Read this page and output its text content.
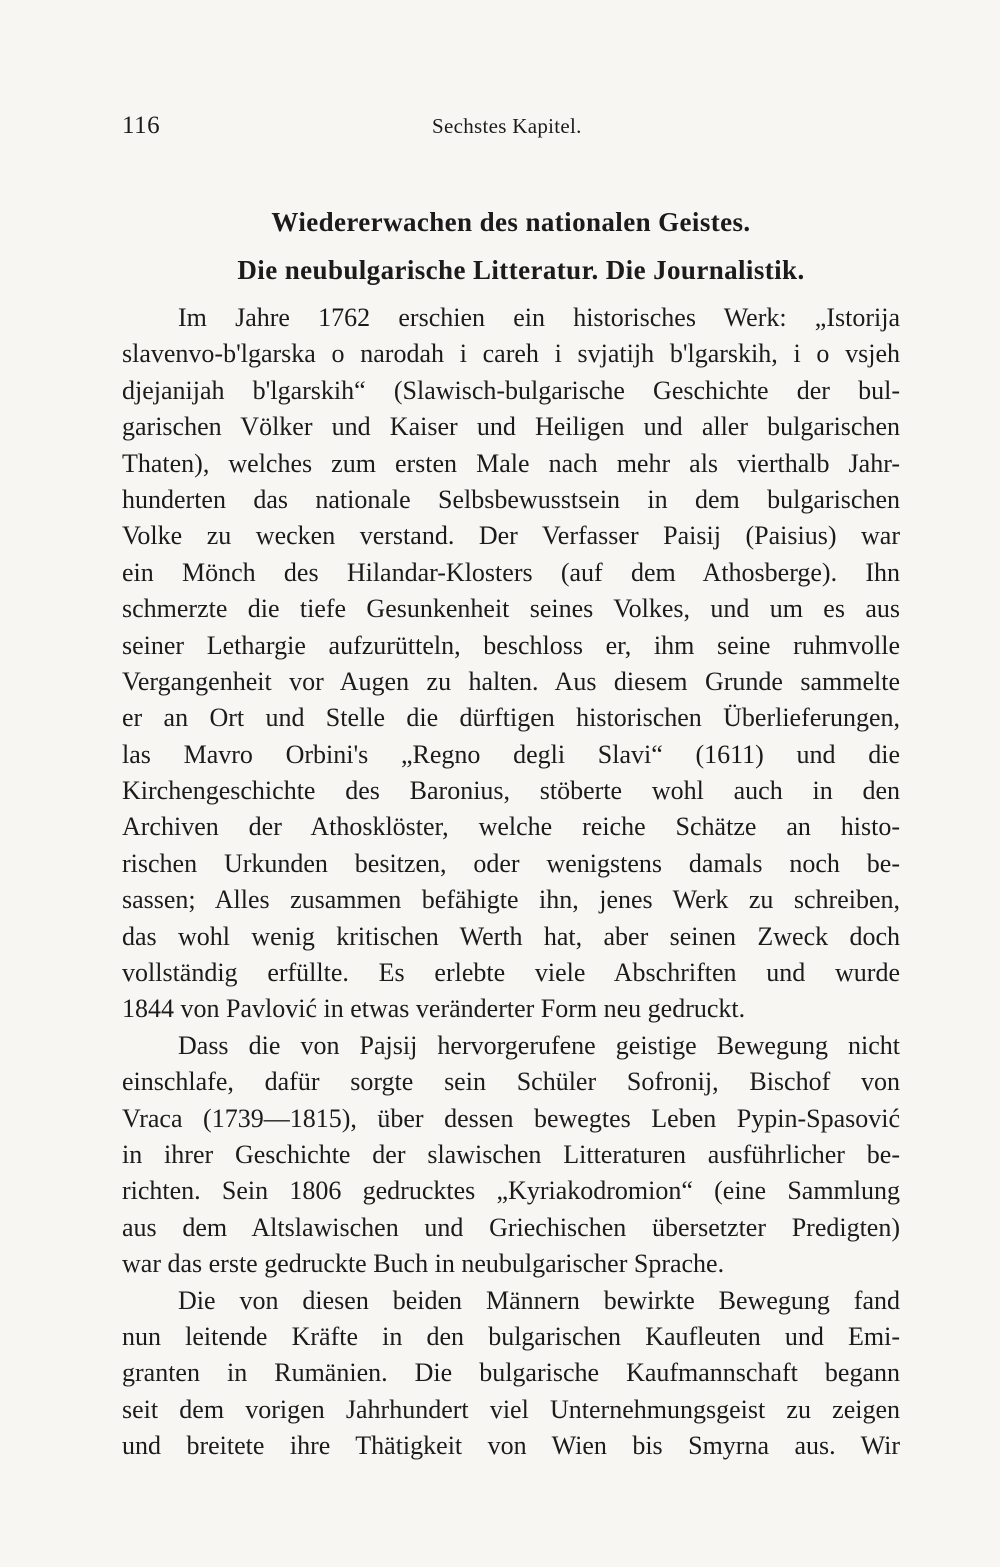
116	Sechstes Kapitel.
Wiedererwachen des nationalen Geistes.
Die neubulgarische Litteratur. Die Journalistik.
Im Jahre 1762 erschien ein historisches Werk: „Istorija
slavenvo-b'lgarska o narodah i careh i svjatijh b'lgarskih, i o vsjeh
djejanijah b'lgarskih“ (Slawisch-bulgarische Geschichte der bul-
garischen Völker und Kaiser und Heiligen und aller bulgarischen
Thaten), welches zum ersten Male nach mehr als vierthalb Jahr-
hunderten das nationale Selbsbewusstsein in dem bulgarischen
Volke zu wecken verstand. Der Verfasser Paisij (Paisius) war
ein Mönch des Hilandar-Klosters (auf dem Athosberge). Ihn
schmerzte die tiefe Gesunkenheit seines Volkes, und um es aus
seiner Lethargie aufzurütteln, beschloss er, ihm seine ruhmvolle
Vergangenheit vor Augen zu halten. Aus diesem Grunde sammelte
er an Ort und Stelle die dürftigen historischen Überlieferungen,
las Mavro Orbini's „Regno degli Slavi“ (1611) und die
Kirchengeschichte des Baronius, stöberte wohl auch in den
Archiven der Athosklöster, welche reiche Schätze an histo-
rischen Urkunden besitzen, oder wenigstens damals noch be-
sassen; Alles zusammen befähigte ihn, jenes Werk zu schreiben,
das wohl wenig kritischen Werth hat, aber seinen Zweck doch
vollständig erfüllte. Es erlebte viele Abschriften und wurde
1844 von Pavlović in etwas veränderter Form neu gedruckt.
Dass die von Pajsij hervorgerufene geistige Bewegung nicht
einschlafe, dafür sorgte sein Schüler Sofronij, Bischof von
Vraca (1739—1815), über dessen bewegtes Leben Pypin-Spasović
in ihrer Geschichte der slawischen Litteraturen ausführlicher be-
richten. Sein 1806 gedrucktes „Kyriakodromion“ (eine Sammlung
aus dem Altslawischen und Griechischen übersetzter Predigten)
war das erste gedruckte Buch in neubulgarischer Sprache.
Die von diesen beiden Männern bewirkte Bewegung fand
nun leitende Kräfte in den bulgarischen Kaufleuten und Emi-
granten in Rumänien. Die bulgarische Kaufmannschaft begann
seit dem vorigen Jahrhundert viel Unternehmungsgeist zu zeigen
und breitete ihre Thätigkeit von Wien bis Smyrna aus. Wir
